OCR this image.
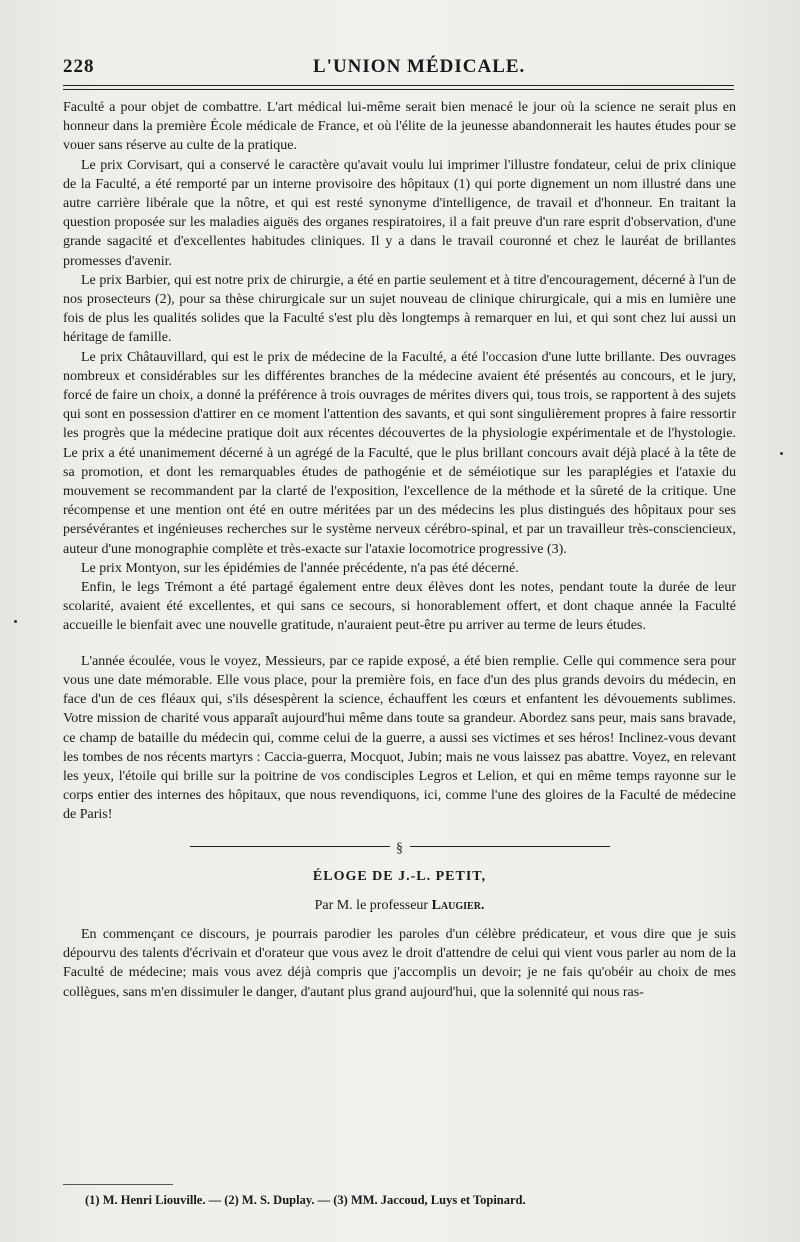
228	L'UNION MÉDICALE.

Faculté a pour objet de combattre. L'art médical lui-même serait bien menacé le jour où la science ne serait plus en honneur dans la première École médicale de France, et où l'élite de la jeunesse abandonnerait les hautes études pour se vouer sans réserve au culte de la pratique.

Le prix Corvisart, qui a conservé le caractère qu'avait voulu lui imprimer l'illustre fondateur, celui de prix clinique de la Faculté, a été remporté par un interne provisoire des hôpitaux (1) qui porte dignement un nom illustré dans une autre carrière libérale que la nôtre, et qui est resté synonyme d'intelligence, de travail et d'honneur. En traitant la question proposée sur les maladies aiguës des organes respiratoires, il a fait preuve d'un rare esprit d'observation, d'une grande sagacité et d'excellentes habitudes cliniques. Il y a dans le travail couronné et chez le lauréat de brillantes promesses d'avenir.

Le prix Barbier, qui est notre prix de chirurgie, a été en partie seulement et à titre d'encouragement, décerné à l'un de nos prosecteurs (2), pour sa thèse chirurgicale sur un sujet nouveau de clinique chirurgicale, qui a mis en lumière une fois de plus les qualités solides que la Faculté s'est plu dès longtemps à remarquer en lui, et qui sont chez lui aussi un héritage de famille.

Le prix Châtauvillard, qui est le prix de médecine de la Faculté, a été l'occasion d'une lutte brillante. Des ouvrages nombreux et considérables sur les différentes branches de la médecine avaient été présentés au concours, et le jury, forcé de faire un choix, a donné la préférence à trois ouvrages de mérites divers qui, tous trois, se rapportent à des sujets qui sont en possession d'attirer en ce moment l'attention des savants, et qui sont singulièrement propres à faire ressortir les progrès que la médecine pratique doit aux récentes découvertes de la physiologie expérimentale et de l'hystologie. Le prix a été unanimement décerné à un agrégé de la Faculté, que le plus brillant concours avait déjà placé à la tête de sa promotion, et dont les remarquables études de pathogénie et de séméiotique sur les paraplégies et l'ataxie du mouvement se recommandent par la clarté de l'exposition, l'excellence de la méthode et la sûreté de la critique. Une récompense et une mention ont été en outre méritées par un des médecins les plus distingués des hôpitaux pour ses persévérantes et ingénieuses recherches sur le système nerveux cérébro-spinal, et par un travailleur très-consciencieux, auteur d'une monographie complète et très-exacte sur l'ataxie locomotrice progressive (3).

Le prix Montyon, sur les épidémies de l'année précédente, n'a pas été décerné.

Enfin, le legs Trémont a été partagé également entre deux élèves dont les notes, pendant toute la durée de leur scolarité, avaient été excellentes, et qui sans ce secours, si honorablement offert, et dont chaque année la Faculté accueille le bienfait avec une nouvelle gratitude, n'auraient peut-être pu arriver au terme de leurs études.

L'année écoulée, vous le voyez, Messieurs, par ce rapide exposé, a été bien remplie. Celle qui commence sera pour vous une date mémorable. Elle vous place, pour la première fois, en face d'un des plus grands devoirs du médecin, en face d'un de ces fléaux qui, s'ils désespèrent la science, échauffent les cœurs et enfantent les dévouements sublimes. Votre mission de charité vous apparaît aujourd'hui même dans toute sa grandeur. Abordez sans peur, mais sans bravade, ce champ de bataille du médecin qui, comme celui de la guerre, a aussi ses victimes et ses héros! Inclinez-vous devant les tombes de nos récents martyrs : Caccia-guerra, Mocquot, Jubin; mais ne vous laissez pas abattre. Voyez, en relevant les yeux, l'étoile qui brille sur la poitrine de vos condisciples Legros et Lelion, et qui en même temps rayonne sur le corps entier des internes des hôpitaux, que nous revendiquons, ici, comme l'une des gloires de la Faculté de médecine de Paris!

§
ÉLOGE DE J.-L. PETIT,
Par M. le professeur Laugier.

En commençant ce discours, je pourrais parodier les paroles d'un célèbre prédicateur, et vous dire que je suis dépourvu des talents d'écrivain et d'orateur que vous avez le droit d'attendre de celui qui vient vous parler au nom de la Faculté de médecine; mais vous avez déjà compris que j'accomplis un devoir; je ne fais qu'obéir au choix de mes collègues, sans m'en dissimuler le danger, d'autant plus grand aujourd'hui, que la solennité qui nous ras-

(1) M. Henri Liouville. — (2) M. S. Duplay. — (3) MM. Jaccoud, Luys et Topinard.
